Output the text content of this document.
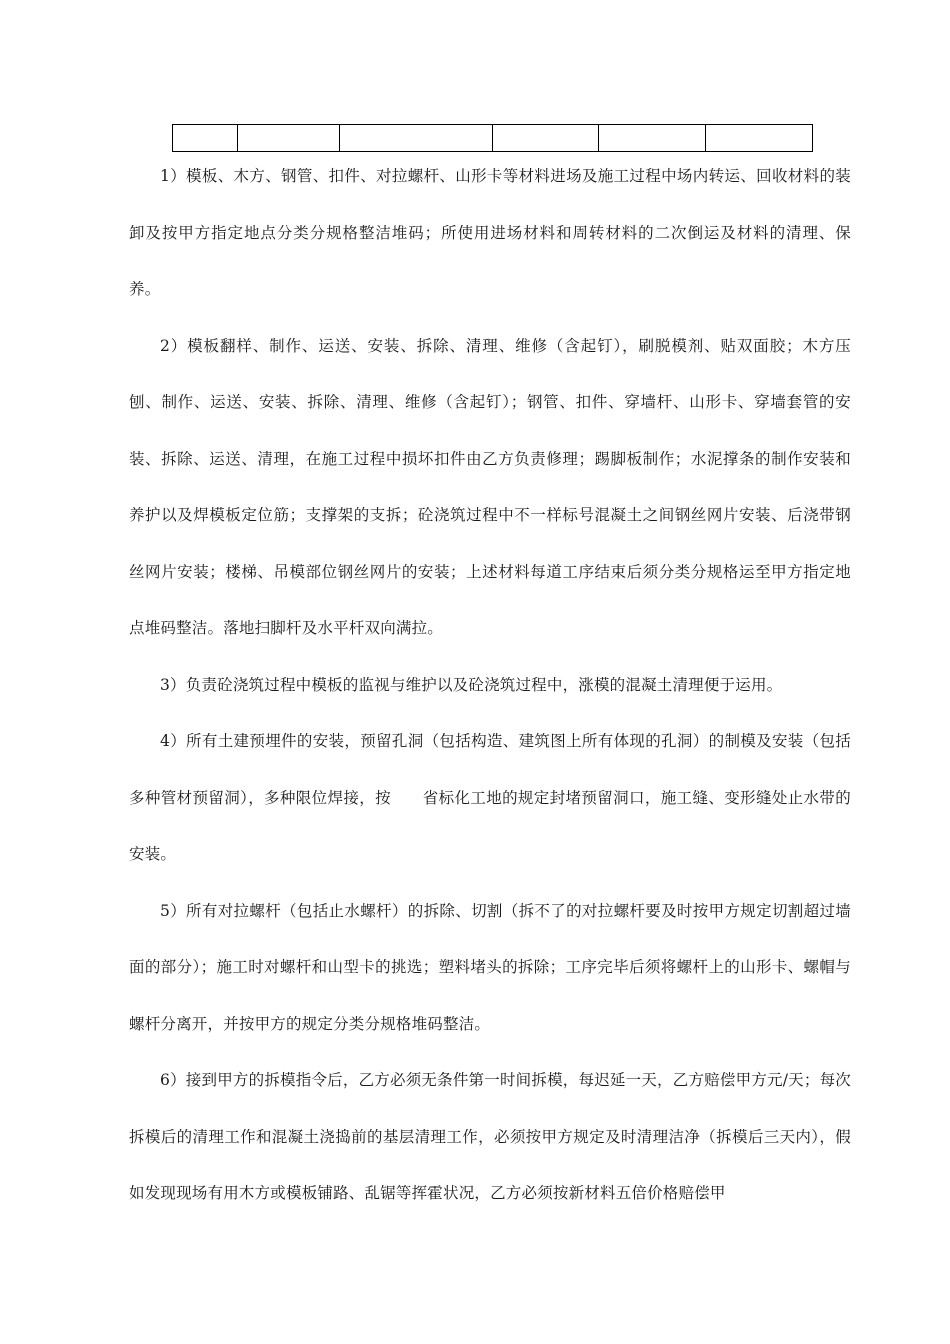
1）模板、木方、钢管、扣件、对拉螺杆、山形卡等材料进场及施工过程中场内转运、回收材料的装卸及按甲方指定地点分类分规格整洁堆码；所使用进场材料和周转材料的二次倒运及材料的清理、保养。

2）模板翻样、制作、运送、安装、拆除、清理、维修（含起钉），刷脱模剂、贴双面胶；木方压刨、制作、运送、安装、拆除、清理、维修（含起钉）；钢管、扣件、穿墙杆、山形卡、穿墙套管的安装、拆除、运送、清理，在施工过程中损坏扣件由乙方负责修理；踢脚板制作；水泥撑条的制作安装和养护以及焊模板定位筋；支撑架的支拆；砼浇筑过程中不一样标号混凝土之间钢丝网片安装、后浇带钢丝网片安装；楼梯、吊模部位钢丝网片的安装；上述材料每道工序结束后须分类分规格运至甲方指定地点堆码整洁。落地扫脚杆及水平杆双向满拉。

3）负责砼浇筑过程中模板的监视与维护以及砼浇筑过程中，涨模的混凝土清理便于运用。

4）所有土建预埋件的安装，预留孔洞（包括构造、建筑图上所有体现的孔洞）的制模及安装（包括多种管材预留洞），多种限位焊接，按　　省标化工地的规定封堵预留洞口，施工缝、变形缝处止水带的安装。

5）所有对拉螺杆（包括止水螺杆）的拆除、切割（拆不了的对拉螺杆要及时按甲方规定切割超过墙面的部分）；施工时对螺杆和山型卡的挑选；塑料堵头的拆除；工序完毕后须将螺杆上的山形卡、螺帽与螺杆分离开，并按甲方的规定分类分规格堆码整洁。

6）接到甲方的拆模指令后，乙方必须无条件第一时间拆模，每迟延一天，乙方赔偿甲方元/天；每次拆模后的清理工作和混凝土浇捣前的基层清理工作，必须按甲方规定及时清理洁净（拆模后三天内），假如发现现场有用木方或模板铺路、乱锯等挥霍状况，乙方必须按新材料五倍价格赔偿甲
